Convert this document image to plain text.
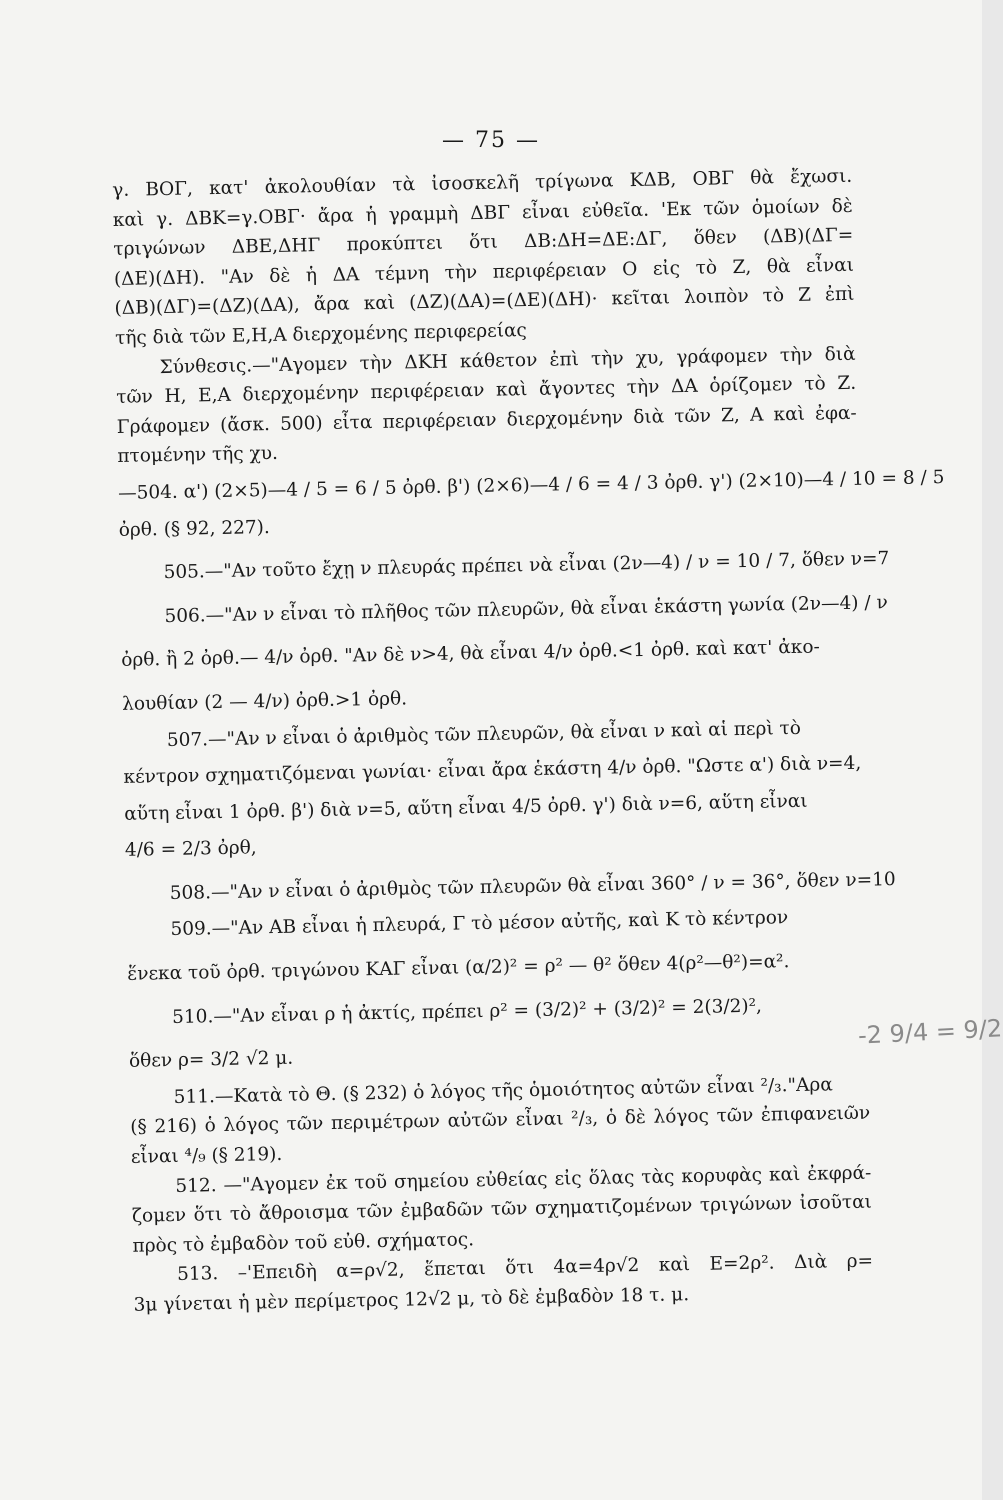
— 75 —
γ. ΒΟΓ, κατ' ἀκολουθίαν τὰ ἰσοσκελῆ τρίγωνα ΚΔΒ, ΟΒΓ θὰ ἔχωσι.
καὶ γ. ΔΒΚ=γ.ΟΒΓ· ἄρα ἡ γραμμὴ ΔΒΓ εἶναι εὐθεῖα. 'Εκ τῶν ὁμοίων δὲ
τριγώνων ΔΒΕ,ΔΗΓ προκύπτει ὅτι ΔΒ:ΔΗ=ΔΕ:ΔΓ, ὅθεν (ΔΒ)(ΔΓ=
(ΔΕ)(ΔΗ). "Αν δὲ ἡ ΔΑ τέμνη τὴν περιφέρειαν Ο εἰς τὸ Ζ, θὰ εἶναι
(ΔΒ)(ΔΓ)=(ΔΖ)(ΔΑ), ἄρα καὶ (ΔΖ)(ΔΑ)=(ΔΕ)(ΔΗ)· κεῖται λοιπὸν τὸ Ζ ἐπὶ
τῆς διὰ τῶν Ε,Η,Α διερχομένης περιφερείας
Σύνθεσις.—"Αγομεν τὴν ΔΚΗ κάθετον ἐπὶ τὴν χυ, γράφομεν τὴν διὰ
τῶν Η, Ε,Α διερχομένην περιφέρειαν καὶ ἄγοντες τὴν ΔΑ ὁρίζομεν τὸ Ζ.
Γράφομεν (ἄσκ. 500) εἶτα περιφέρειαν διερχομένην διὰ τῶν Ζ, Α καὶ ἐφα-
πτομένην τῆς χυ.
—504. α') (2×5)—4 / 5 = 6 / 5 ὀρθ. β') (2×6)—4 / 6 = 4 / 3 ὀρθ. γ') (2×10)—4 / 10 = 8 / 5
ὀρθ. (§ 92, 227).
505.—"Αν τοῦτο ἔχῃ ν πλευράς πρέπει νὰ εἶναι (2ν—4) / ν = 10 / 7, ὅθεν ν=7
506.—"Αν ν εἶναι τὸ πλῆθος τῶν πλευρῶν, θὰ εἶναι ἑκάστη γωνία (2ν—4) / ν
ὀρθ. ἢ 2 ὀρθ.— 4/ν ὀρθ. "Αν δὲ ν>4, θὰ εἶναι 4/ν ὀρθ.<1 ὀρθ. καὶ κατ' ἀκο-
λουθίαν (2 — 4/ν) ὀρθ.>1 ὀρθ.
507.—"Αν ν εἶναι ὁ ἀριθμὸς τῶν πλευρῶν, θὰ εἶναι ν καὶ αἱ περὶ τὸ
κέντρον σχηματιζόμεναι γωνίαι· εἶναι ἄρα ἑκάστη 4/ν ὀρθ. "Ωστε α') διὰ ν=4,
αὕτη εἶναι 1 ὀρθ. β') διὰ ν=5, αὕτη εἶναι 4/5 ὀρθ. γ') διὰ ν=6, αὕτη εἶναι
4/6 = 2/3 ὀρθ,
508.—"Αν ν εἶναι ὁ ἀριθμὸς τῶν πλευρῶν θὰ εἶναι 360° / ν = 36°, ὅθεν ν=10
509.—"Αν ΑΒ εἶναι ἡ πλευρά, Γ τὸ μέσον αὐτῆς, καὶ Κ τὸ κέντρον
ἕνεκα τοῦ ὀρθ. τριγώνου ΚΑΓ εἶναι (α/2)² = ρ² — θ² ὅθεν 4(ρ²—θ²)=α².
510.—"Αν εἶναι ρ ἡ ἀκτίς, πρέπει ρ² = (3/2)² + (3/2)² = 2(3/2)²,
ὅθεν ρ= 3/2 √2 μ.
511.—Κατὰ τὸ Θ. (§ 232) ὁ λόγος τῆς ὁμοιότητος αὐτῶν εἶναι ²/₃."Αρα
(§ 216) ὁ λόγος τῶν περιμέτρων αὐτῶν εἶναι ²/₃, ὁ δὲ λόγος τῶν ἐπιφανειῶν
εἶναι ⁴/₉ (§ 219).
512. —"Αγομεν ἐκ τοῦ σημείου εὐθείας εἰς ὅλας τὰς κορυφὰς καὶ ἐκφρά-
ζομεν ὅτι τὸ ἄθροισμα τῶν ἐμβαδῶν τῶν σχηματιζομένων τριγώνων ἰσοῦται
πρὸς τὸ ἐμβαδὸν τοῦ εὐθ. σχήματος.
513. –'Επειδὴ α=ρ√2, ἕπεται ὅτι 4α=4ρ√2 καὶ Ε=2ρ². Διὰ ρ=
3μ γίνεται ἡ μὲν περίμετρος 12√2 μ, τὸ δὲ ἐμβαδὸν 18 τ. μ.
-2 9/4 = 9/2
